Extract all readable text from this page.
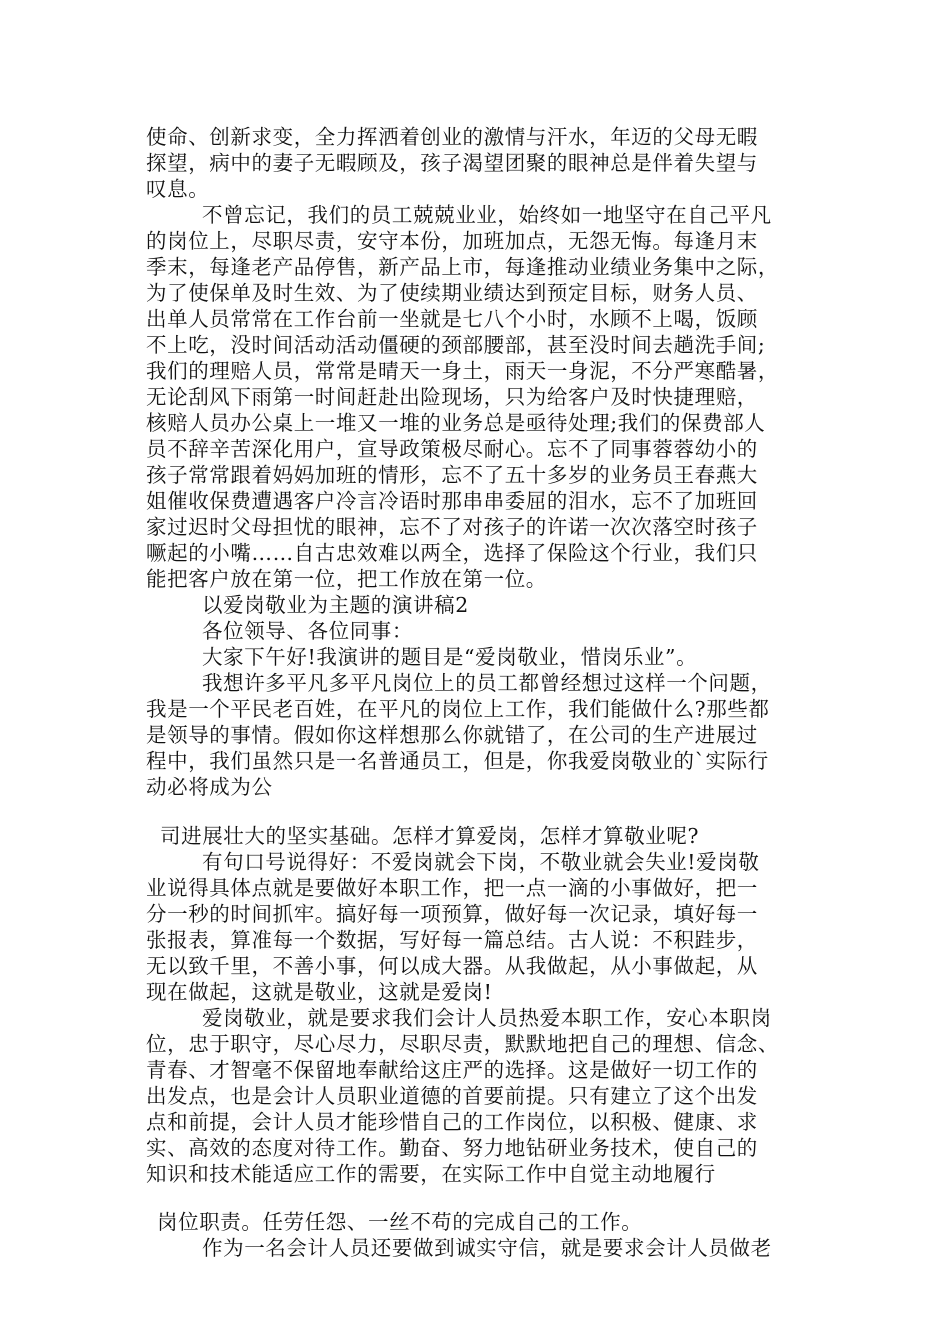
使命、创新求变，全力挥洒着创业的激情与汗水，年迈的父母无暇
探望，病中的妻子无暇顾及，孩子渴望团聚的眼神总是伴着失望与
叹息。
不曾忘记，我们的员工兢兢业业，始终如一地坚守在自己平凡
的岗位上，尽职尽责，安守本份，加班加点，无怨无悔。每逢月末
季末，每逢老产品停售，新产品上市，每逢推动业绩业务集中之际，
为了使保单及时生效、为了使续期业绩达到预定目标，财务人员、
出单人员常常在工作台前一坐就是七八个小时，水顾不上喝，饭顾
不上吃，没时间活动活动僵硬的颈部腰部，甚至没时间去趟洗手间;
我们的理赔人员，常常是晴天一身土，雨天一身泥，不分严寒酷暑，
无论刮风下雨第一时间赶赴出险现场，只为给客户及时快捷理赔，
核赔人员办公桌上一堆又一堆的业务总是亟待处理;我们的保费部人
员不辞辛苦深化用户，宣导政策极尽耐心。忘不了同事蓉蓉幼小的
孩子常常跟着妈妈加班的情形，忘不了五十多岁的业务员王春燕大
姐催收保费遭遇客户冷言冷语时那串串委屈的泪水，忘不了加班回
家过迟时父母担忧的眼神，忘不了对孩子的许诺一次次落空时孩子
噘起的小嘴……自古忠效难以两全，选择了保险这个行业，我们只
能把客户放在第一位，把工作放在第一位。
以爱岗敬业为主题的演讲稿2
各位领导、各位同事：
大家下午好!我演讲的题目是“爱岗敬业，惜岗乐业”。
我想许多平凡多平凡岗位上的员工都曾经想过这样一个问题，
我是一个平民老百姓，在平凡的岗位上工作，我们能做什么?那些都
是领导的事情。假如你这样想那么你就错了，在公司的生产进展过
程中，我们虽然只是一名普通员工，但是，你我爱岗敬业的`实际行
动必将成为公
司进展壮大的坚实基础。怎样才算爱岗，怎样才算敬业呢?
有句口号说得好：不爱岗就会下岗，不敬业就会失业!爱岗敬
业说得具体点就是要做好本职工作，把一点一滴的小事做好，把一
分一秒的时间抓牢。搞好每一项预算，做好每一次记录，填好每一
张报表，算准每一个数据，写好每一篇总结。古人说：不积跬步，
无以致千里，不善小事，何以成大器。从我做起，从小事做起，从
现在做起，这就是敬业，这就是爱岗!
爱岗敬业，就是要求我们会计人员热爱本职工作，安心本职岗
位，忠于职守，尽心尽力，尽职尽责，默默地把自己的理想、信念、
青春、才智毫不保留地奉献给这庄严的选择。这是做好一切工作的
出发点，也是会计人员职业道德的首要前提。只有建立了这个出发
点和前提，会计人员才能珍惜自己的工作岗位，以积极、健康、求
实、高效的态度对待工作。勤奋、努力地钻研业务技术，使自己的
知识和技术能适应工作的需要，在实际工作中自觉主动地履行
岗位职责。任劳任怨、一丝不苟的完成自己的工作。
作为一名会计人员还要做到诚实守信，就是要求会计人员做老
